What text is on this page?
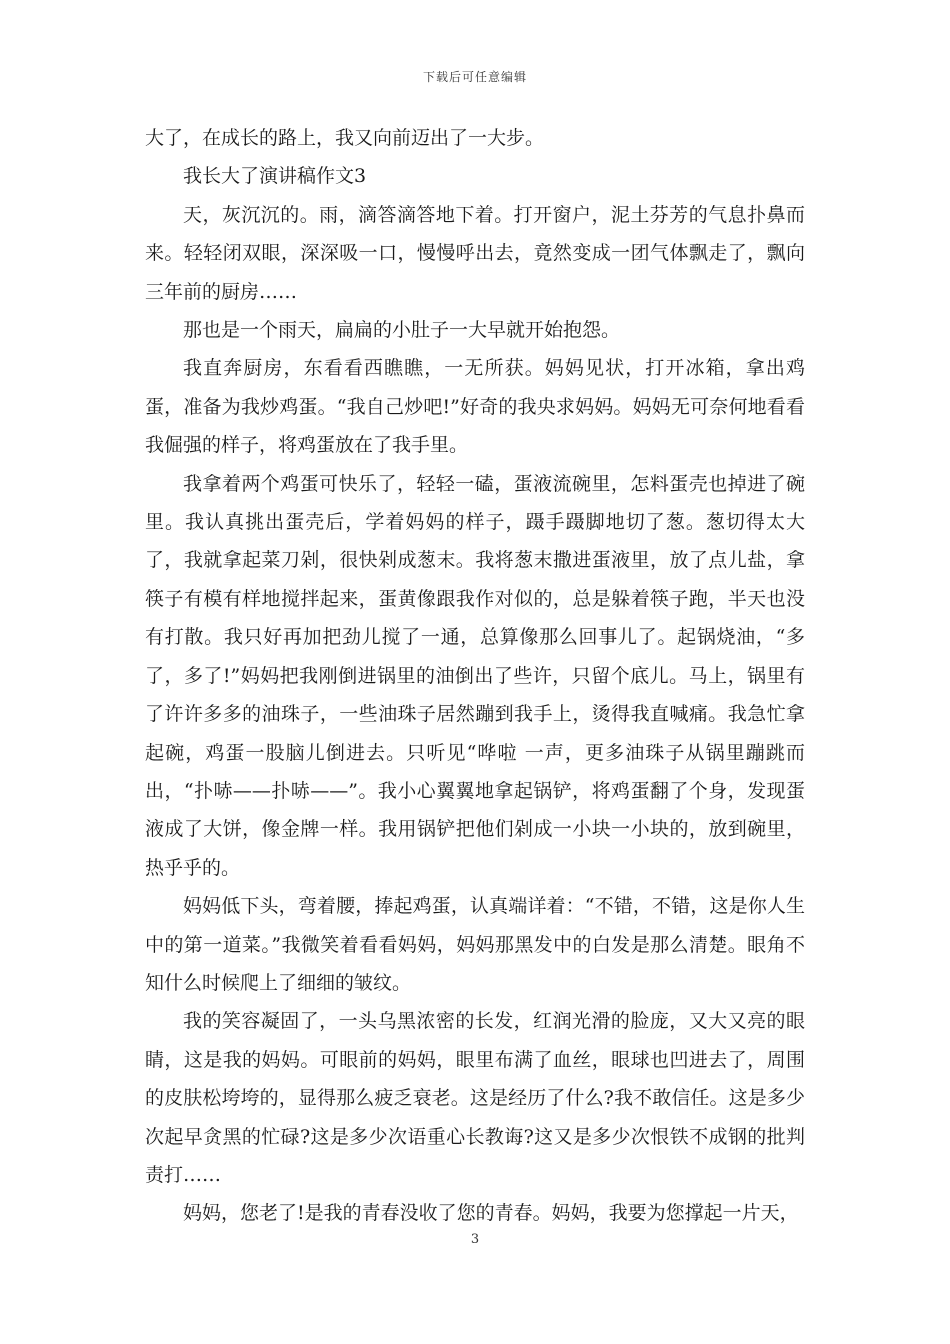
下载后可任意编辑

大了，在成长的路上，我又向前迈出了一大步。

我长大了演讲稿作文3

天，灰沉沉的。雨，滴答滴答地下着。打开窗户，泥土芬芳的气息扑鼻而来。轻轻闭双眼，深深吸一口，慢慢呼出去，竟然变成一团气体飘走了，飘向三年前的厨房……

那也是一个雨天，扁扁的小肚子一大早就开始抱怨。

我直奔厨房，东看看西瞧瞧，一无所获。妈妈见状，打开冰箱，拿出鸡蛋，准备为我炒鸡蛋。“我自己炒吧!”好奇的我央求妈妈。妈妈无可奈何地看看我倔强的样子，将鸡蛋放在了我手里。

我拿着两个鸡蛋可快乐了，轻轻一磕，蛋液流碗里，怎料蛋壳也掉进了碗里。我认真挑出蛋壳后，学着妈妈的样子，蹑手蹑脚地切了葱。葱切得太大了，我就拿起菜刀剁，很快剁成葱末。我将葱末撒进蛋液里，放了点儿盐，拿筷子有模有样地搅拌起来，蛋黄像跟我作对似的，总是躲着筷子跑，半天也没有打散。我只好再加把劲儿搅了一通，总算像那么回事儿了。起锅烧油，“多了，多了!”妈妈把我刚倒进锅里的油倒出了些许，只留个底儿。马上，锅里有了许许多多的油珠子，一些油珠子居然蹦到我手上，烫得我直喊痛。我急忙拿起碗，鸡蛋一股脑儿倒进去。只听见“哗啦 一声，更多油珠子从锅里蹦跳而出，“扑哧——扑哧——”。我小心翼翼地拿起锅铲，将鸡蛋翻了个身，发现蛋液成了大饼，像金牌一样。我用锅铲把他们剁成一小块一小块的，放到碗里，热乎乎的。

妈妈低下头，弯着腰，捧起鸡蛋，认真端详着：“不错，不错，这是你人生中的第一道菜。”我微笑着看看妈妈，妈妈那黑发中的白发是那么清楚。眼角不知什么时候爬上了细细的皱纹。

我的笑容凝固了，一头乌黑浓密的长发，红润光滑的脸庞，又大又亮的眼睛，这是我的妈妈。可眼前的妈妈，眼里布满了血丝，眼球也凹进去了，周围的皮肤松垮垮的，显得那么疲乏衰老。这是经历了什么?我不敢信任。这是多少次起早贪黑的忙碌?这是多少次语重心长教诲?这又是多少次恨铁不成钢的批判责打……

妈妈，您老了!是我的青春没收了您的青春。妈妈，我要为您撑起一片天，

3
